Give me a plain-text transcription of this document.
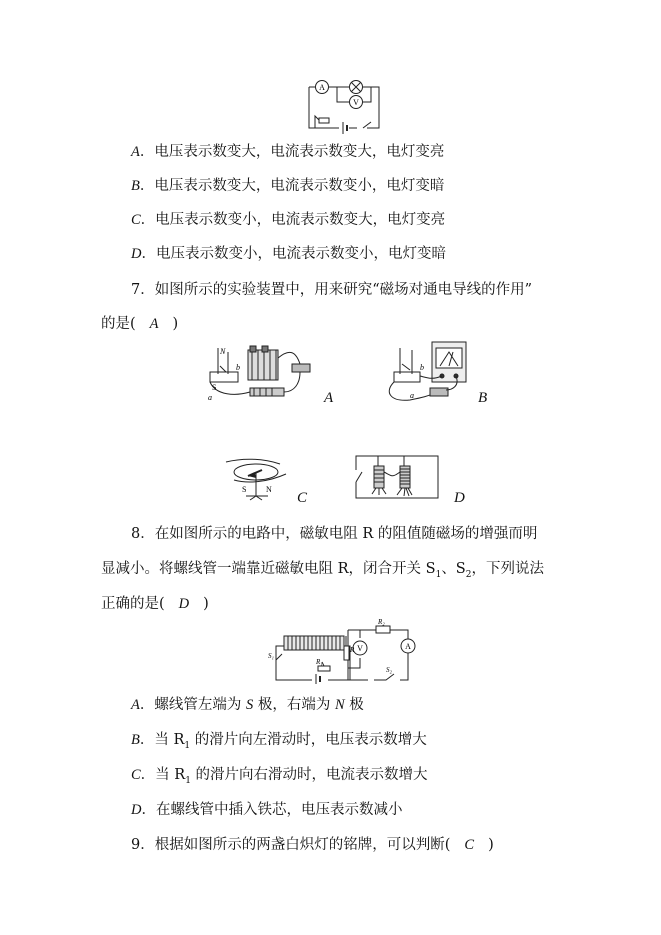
A
V
A．电压表示数变大，电流表示数变大，电灯变亮
B．电压表示数变大，电流表示数变小，电灯变暗
C．电压表示数变小，电流表示数变大，电灯变亮
D．电压表示数变小，电流表示数变小，电灯变暗
7．如图所示的实验装置中，用来研究“磁场对通电导线的作用”
的是( A )
N
S
b
a	A
b
a	B
S N
C	D
8．在如图所示的电路中，磁敏电阻 R 的阻值随磁场的增强而明
显减小。将螺线管一端靠近磁敏电阻 R，闭合开关 $S_1$、$S_2$，下列说法
正确的是( D )
V	A
S₁
R₁
R
R₂
S₂
A．螺线管左端为 S 极，右端为 N 极
B．当 $R_1$ 的滑片向左滑动时，电压表示数增大
C．当 $R_1$ 的滑片向右滑动时，电流表示数增大
D．在螺线管中插入铁芯，电压表示数减小
9．根据如图所示的两盏白炽灯的铭牌，可以判断( C )
